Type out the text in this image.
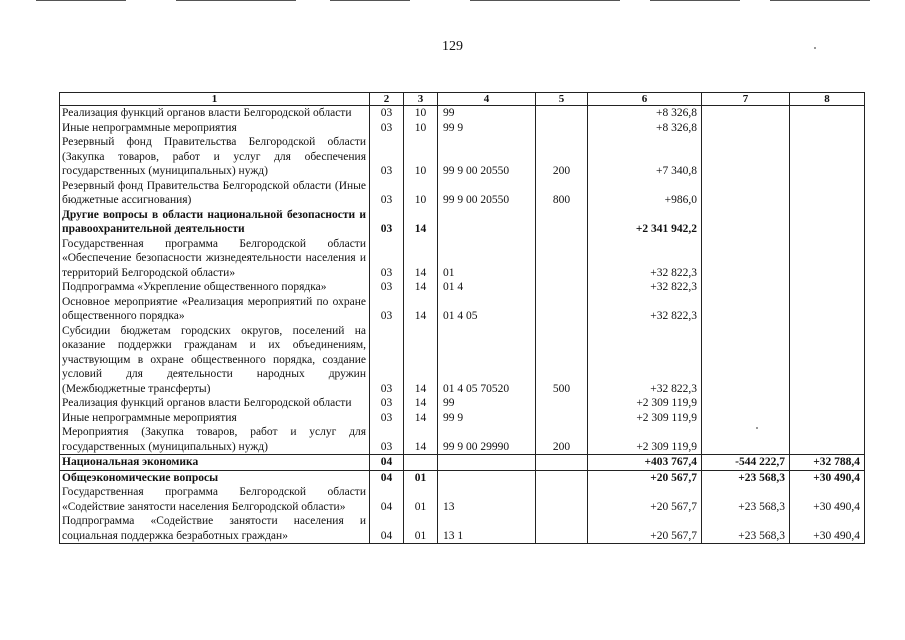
129
1	2	3	4	5	6	7	8
Реализация функций органов власти Белгородской области	03	10	99		+8 326,8		
Иные непрограммные мероприятия	03	10	99 9		+8 326,8		
Резервный фонд Правительства Белгородской области (Закупка товаров, работ и услуг для обеспечения государственных (муниципальных) нужд)	03	10	99 9 00 20550	200	+7 340,8		
Резервный фонд Правительства Белгородской области (Иные бюджетные ассигнования)	03	10	99 9 00 20550	800	+986,0		
Другие вопросы в области национальной безопасности и правоохранительной деятельности	03	14			+2 341 942,2		
Государственная программа Белгородской области «Обеспечение безопасности жизнедеятельности населения и территорий Белгородской области»	03	14	01		+32 822,3		
Подпрограмма «Укрепление общественного порядка»	03	14	01 4		+32 822,3		
Основное мероприятие «Реализация мероприятий по охране общественного порядка»	03	14	01 4 05		+32 822,3		
Субсидии бюджетам городских округов, поселений на оказание поддержки гражданам и их объединениям, участвующим в охране общественного порядка, создание условий для деятельности народных дружин (Межбюджетные трансферты)	03	14	01 4 05 70520	500	+32 822,3		
Реализация функций органов власти Белгородской области	03	14	99		+2 309 119,9		
Иные непрограммные мероприятия	03	14	99 9		+2 309 119,9		
Мероприятия (Закупка товаров, работ и услуг для государственных (муниципальных) нужд)	03	14	99 9 00 29990	200	+2 309 119,9		
Национальная экономика	04				+403 767,4	-544 222,7	+32 788,4
Общеэкономические вопросы	04	01			+20 567,7	+23 568,3	+30 490,4
Государственная программа Белгородской области «Содействие занятости населения Белгородской области»	04	01	13		+20 567,7	+23 568,3	+30 490,4
Подпрограмма «Содействие занятости населения и социальная поддержка безработных граждан»	04	01	13 1		+20 567,7	+23 568,3	+30 490,4
